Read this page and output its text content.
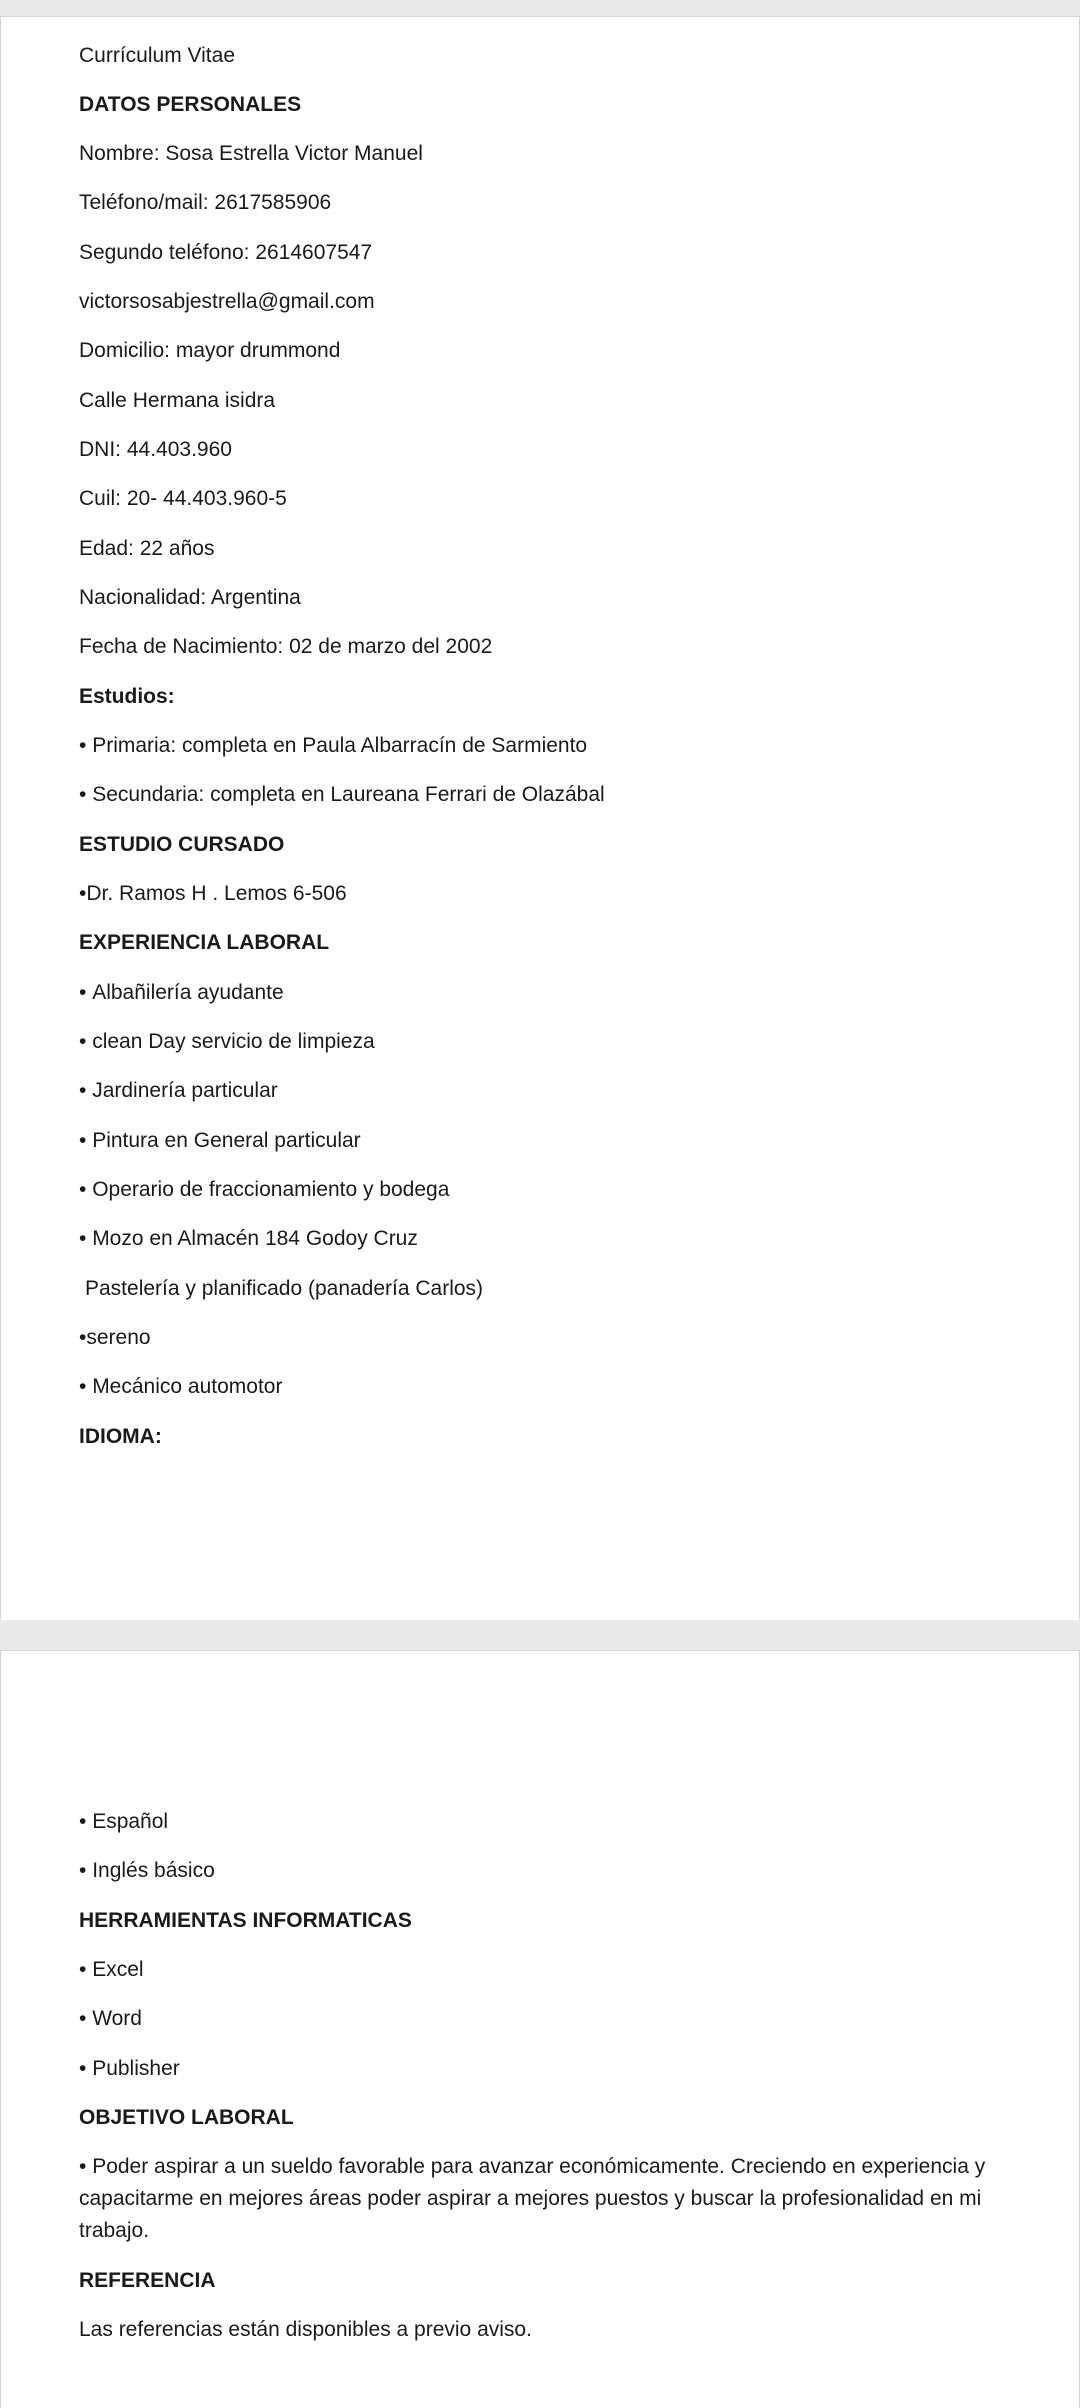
Currículum Vitae
DATOS PERSONALES
Nombre: Sosa Estrella Victor Manuel
Teléfono/mail: 2617585906
Segundo teléfono: 2614607547
victorsosabjestrella@gmail.com
Domicilio: mayor drummond
Calle Hermana isidra
DNI: 44.403.960
Cuil: 20- 44.403.960-5
Edad: 22 años
Nacionalidad: Argentina
Fecha de Nacimiento: 02 de marzo del 2002
Estudios:
• Primaria: completa en Paula Albarracín de Sarmiento
• Secundaria: completa en Laureana Ferrari de Olazábal
ESTUDIO CURSADO
• Dr. Ramos H . Lemos 6-506
EXPERIENCIA LABORAL
• Albañilería ayudante
• clean Day servicio de limpieza
• Jardinería particular
• Pintura en General particular
• Operario de fraccionamiento y bodega
• Mozo en Almacén 184 Godoy Cruz
Pastelería y planificado (panadería Carlos)
• sereno
• Mecánico automotor
IDIOMA:
• Español
• Inglés básico
HERRAMIENTAS INFORMATICAS
• Excel
• Word
• Publisher
OBJETIVO LABORAL
• Poder aspirar a un sueldo favorable para avanzar económicamente. Creciendo en experiencia y capacitarme en mejores áreas poder aspirar a mejores puestos y buscar la profesionalidad en mi trabajo.
REFERENCIA
Las referencias están disponibles a previo aviso.
